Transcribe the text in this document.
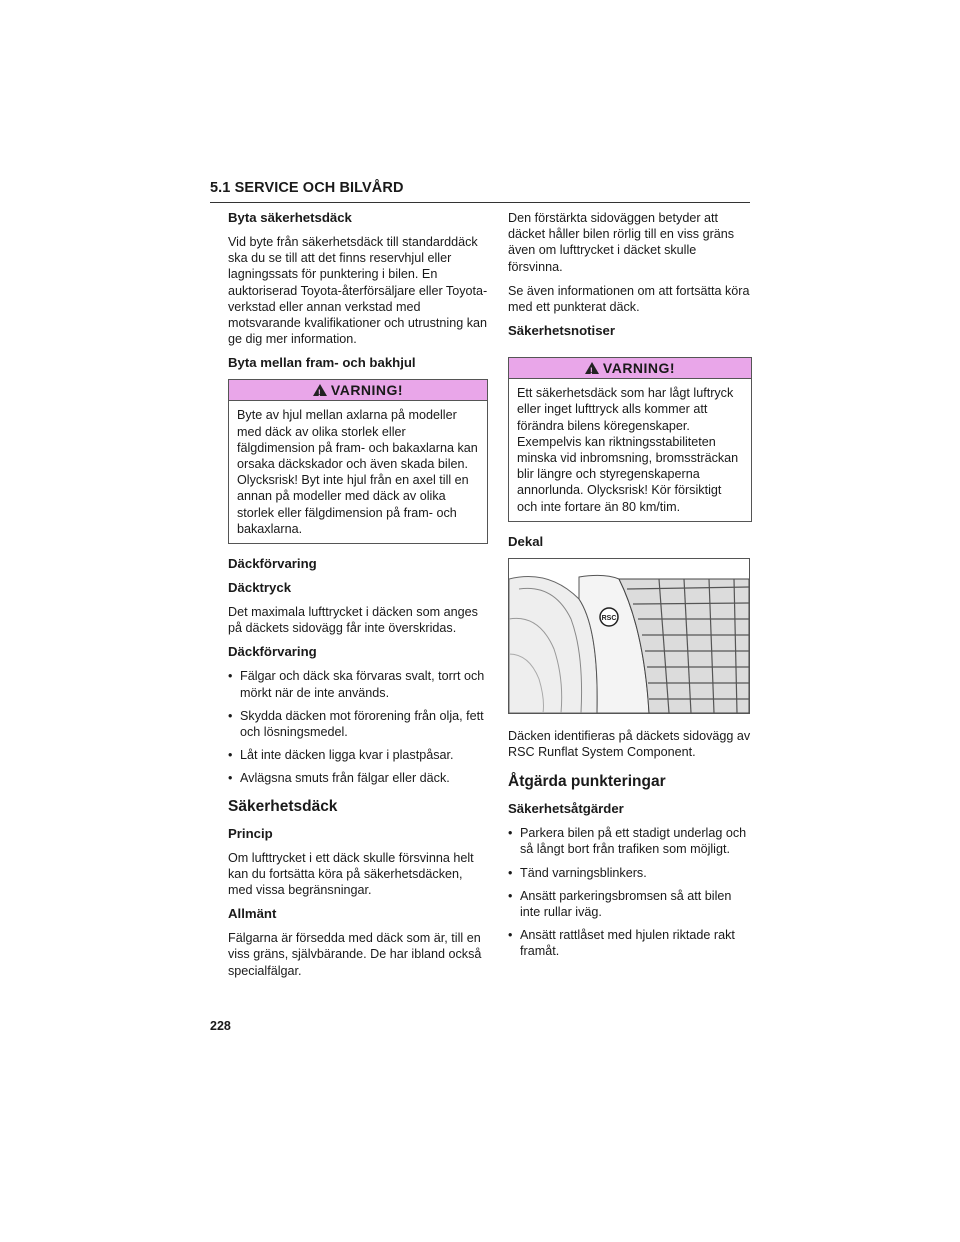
5.1 SERVICE OCH BILVÅRD
Byta säkerhetsdäck

Vid byte från säkerhetsdäck till standarddäck ska du se till att det finns reservhjul eller lagningssats för punktering i bilen. En auktoriserad Toyota-återförsäljare eller Toyota-verkstad eller annan verkstad med motsvarande kvalifikationer och utrustning kan ge dig mer information.

Byta mellan fram- och bakhjul
!
VARNING!

Byte av hjul mellan axlarna på modeller med däck av olika storlek eller fälgdimension på fram- och bakaxlarna kan orsaka däckskador och även skada bilen. Olycksrisk! Byt inte hjul från en axel till en annan på modeller med däck av olika storlek eller fälgdimension på fram- och bakaxlarna.

Däckförvaring
Däcktryck

Det maximala lufttrycket i däcken som anges på däckets sidovägg får inte överskridas.

Däckförvaring
• Fälgar och däck ska förvaras svalt, torrt och mörkt när de inte används.
• Skydda däcken mot förorening från olja, fett och lösningsmedel.
• Låt inte däcken ligga kvar i plastpåsar.
• Avlägsna smuts från fälgar eller däck.
Säkerhetsdäck
Princip

Om lufttrycket i ett däck skulle försvinna helt kan du fortsätta köra på säkerhetsdäcken, med vissa begränsningar.

Allmänt

Fälgarna är försedda med däck som är, till en viss gräns, självbärande. De har ibland också specialfälgar.

Den förstärkta sidoväggen betyder att däcket håller bilen rörlig till en viss gräns även om lufttrycket i däcket skulle försvinna.

Se även informationen om att fortsätta köra med ett punkterat däck.

Säkerhetsnotiser
!
VARNING!

Ett säkerhetsdäck som har lågt luftryck eller inget lufttryck alls kommer att förändra bilens köregenskaper. Exempelvis kan riktningsstabiliteten minska vid inbromsning, bromssträckan blir längre och styregenskaperna annorlunda. Olycksrisk! Kör försiktigt och inte fortare än 80 km/tim.

Dekal
RSC

Däcken identifieras på däckets sidovägg av RSC Runflat System Component.

Åtgärda punkteringar
Säkerhetsåtgärder
• Parkera bilen på ett stadigt underlag och så långt bort från trafiken som möjligt.
• Tänd varningsblinkers.
• Ansätt parkeringsbromsen så att bilen inte rullar iväg.
• Ansätt rattlåset med hjulen riktade rakt framåt.
228
